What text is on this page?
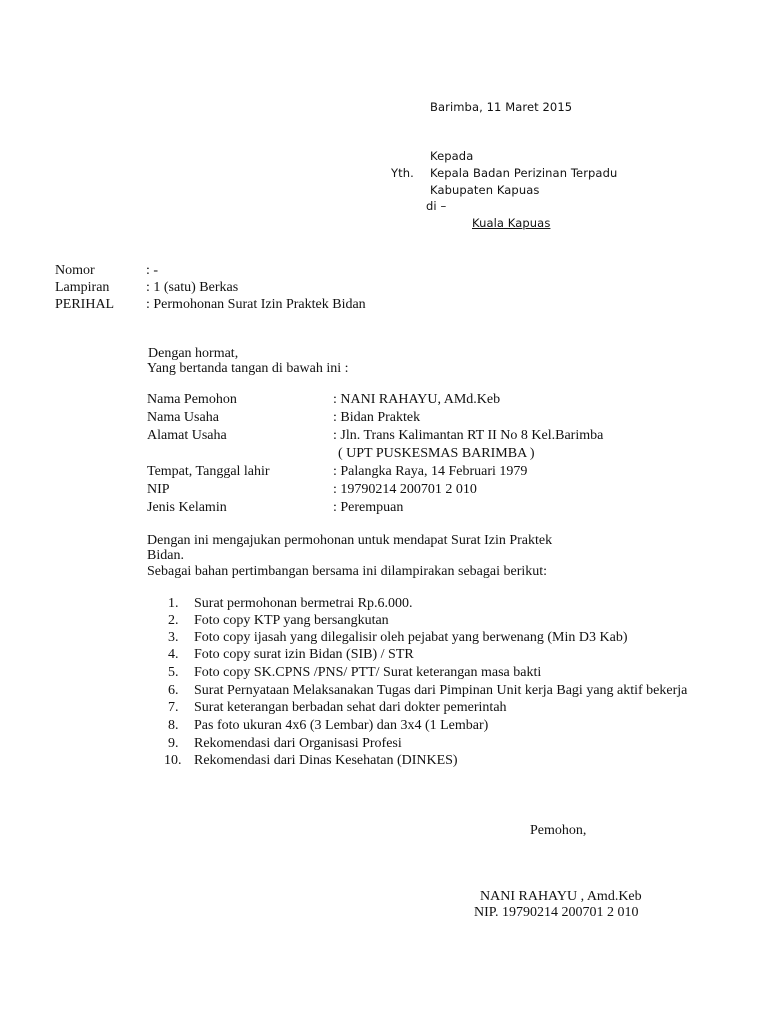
Barimba, 11 Maret 2015
Kepada
Yth. Kepala Badan Perizinan Terpadu
Kabupaten Kapuas
di –
Kuala Kapuas
Nomor	: -
Lampiran	: 1 (satu) Berkas
PERIHAL : Permohonan Surat Izin Praktek Bidan
Dengan hormat,
Yang bertanda tangan di bawah ini :
Nama Pemohon	: NANI RAHAYU, AMd.Keb
Nama Usaha	: Bidan Praktek
Alamat Usaha	: Jln. Trans Kalimantan RT II No 8 Kel.Barimba
( UPT PUSKESMAS BARIMBA )
Tempat, Tanggal lahir	: Palangka Raya, 14 Februari 1979
NIP	: 19790214 200701 2 010
Jenis Kelamin	: Perempuan
Dengan ini mengajukan permohonan untuk mendapat Surat Izin Praktek
Bidan.
Sebagai bahan pertimbangan bersama ini dilampirakan sebagai berikut:
1. Surat permohonan bermetrai Rp.6.000.
2. Foto copy KTP yang bersangkutan
3. Foto copy ijasah yang dilegalisir oleh pejabat yang berwenang (Min D3 Kab)
4. Foto copy surat izin Bidan (SIB) / STR
5. Foto copy SK.CPNS /PNS/ PTT/ Surat keterangan masa bakti
6. Surat Pernyataan Melaksanakan Tugas dari Pimpinan Unit kerja Bagi yang aktif bekerja
7. Surat keterangan berbadan sehat dari dokter pemerintah
8. Pas foto ukuran 4x6 (3 Lembar) dan 3x4 (1 Lembar)
9. Rekomendasi dari Organisasi Profesi
10. Rekomendasi dari Dinas Kesehatan (DINKES)
Pemohon,
NANI RAHAYU , Amd.Keb
NIP. 19790214 200701 2 010
